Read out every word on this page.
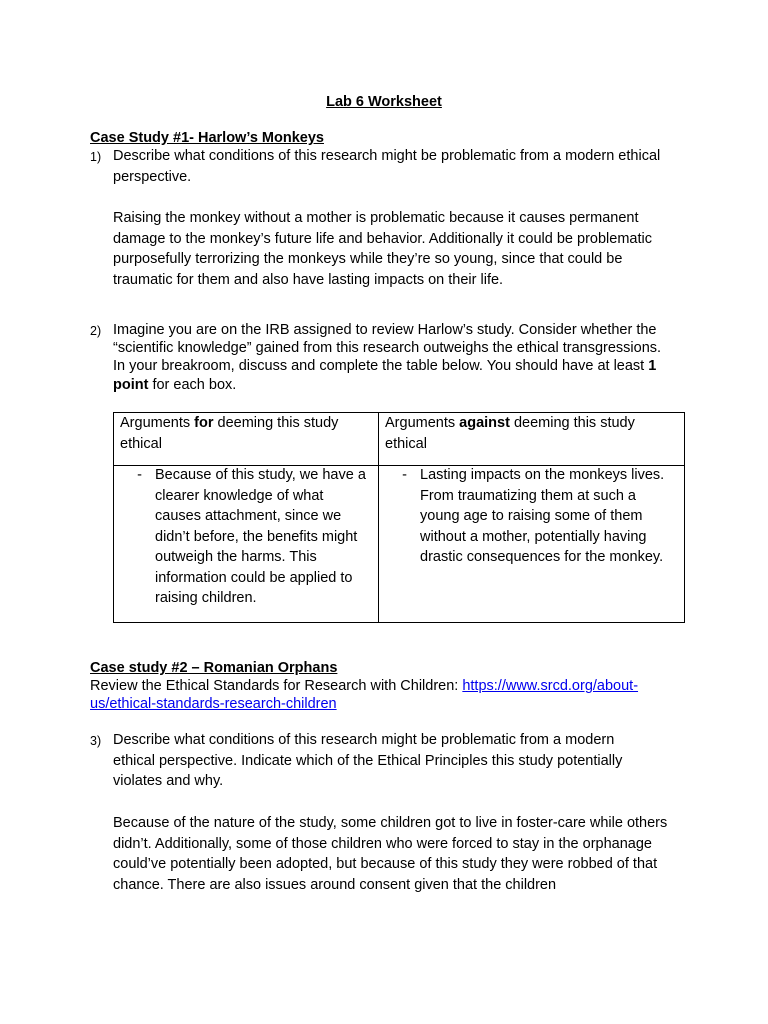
Lab 6 Worksheet
Case Study #1- Harlow’s Monkeys
1) Describe what conditions of this research might be problematic from a modern ethical perspective.
Raising the monkey without a mother is problematic because it causes permanent damage to the monkey’s future life and behavior. Additionally it could be problematic purposefully terrorizing the monkeys while they’re so young, since that could be traumatic for them and also have lasting impacts on their life.
2) Imagine you are on the IRB assigned to review Harlow’s study. Consider whether the “scientific knowledge” gained from this research outweighs the ethical transgressions. In your breakroom, discuss and complete the table below. You should have at least 1 point for each box.
Arguments for deeming this study ethical	Arguments against deeming this study ethical

- Because of this study, we have a clearer knowledge of what causes attachment, since we didn’t before, the benefits might outweigh the harms. This information could be applied to raising children.	- Lasting impacts on the monkeys lives. From traumatizing them at such a young age to raising some of them without a mother, potentially having drastic consequences for the monkey.
Case study #2 – Romanian Orphans
Review the Ethical Standards for Research with Children: https://www.srcd.org/about-
us/ethical-standards-research-children
3) Describe what conditions of this research might be problematic from a modern ethical perspective. Indicate which of the Ethical Principles this study potentially violates and why.
Because of the nature of the study, some children got to live in foster-care while others didn’t. Additionally, some of those children who were forced to stay in the orphanage could’ve potentially been adopted, but because of this study they were robbed of that chance. There are also issues around consent given that the children
